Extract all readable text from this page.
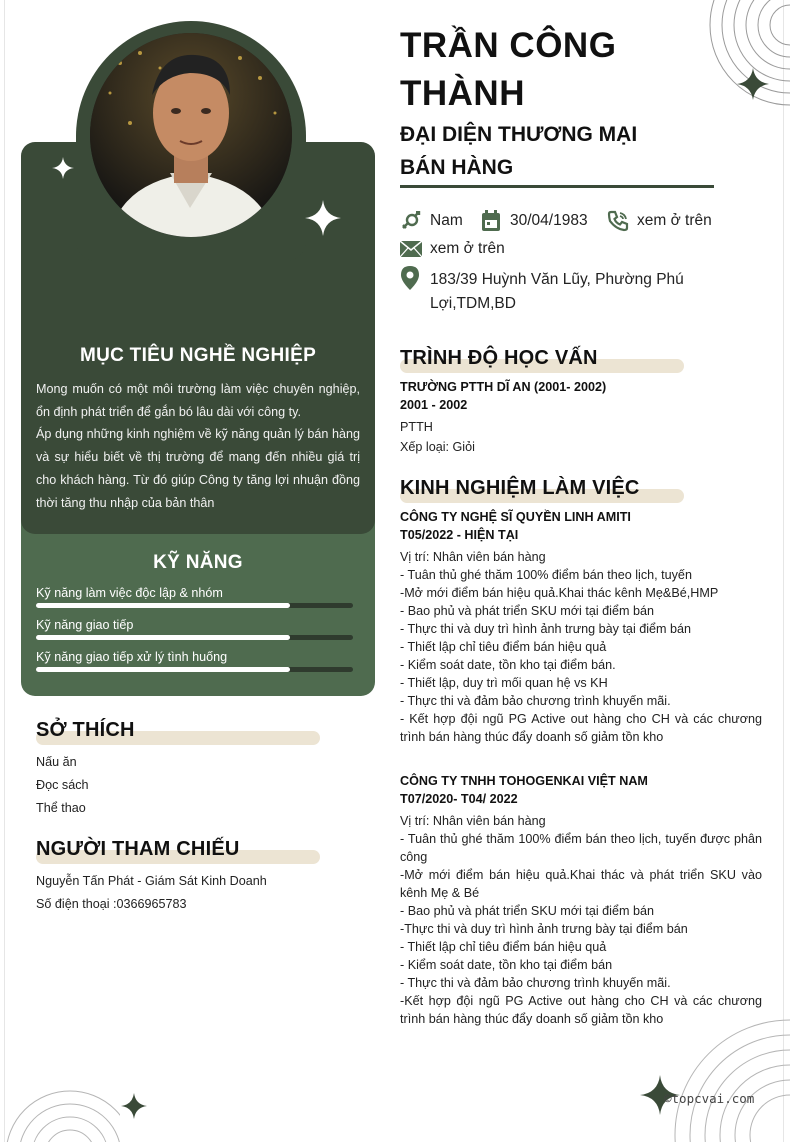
MỤC TIÊU NGHỀ NGHIỆP
Mong muốn có một môi trường làm việc chuyên nghiệp, ổn định phát triển để gắn bó lâu dài với công ty.
Áp dụng những kinh nghiệm về kỹ năng quản lý bán hàng và sự hiểu biết về thị trường để mang đến nhiều giá trị cho khách hàng. Từ đó giúp Công ty tăng lợi nhuận đồng thời tăng thu nhập của bản thân
KỸ NĂNG
Kỹ năng làm việc độc lập & nhóm
Kỹ năng giao tiếp
Kỹ năng giao tiếp xử lý tình huống
SỞ THÍCH
Nấu ăn
Đọc sách
Thể thao
NGƯỜI THAM CHIẾU
Nguyễn Tấn Phát - Giám Sát Kinh Doanh
Số điện thoại :0366965783
TRẦN CÔNG
THÀNH
ĐẠI DIỆN THƯƠNG MẠI
BÁN HÀNG
Nam	30/04/1983	xem ở trên
xem ở trên
183/39 Huỳnh Văn Lũy, Phường Phú
Lợi,TDM,BD
TRÌNH ĐỘ HỌC VẤN
TRƯỜNG PTTH DĨ AN (2001- 2002)
2001 - 2002
PTTH
Xếp loại: Giỏi
KINH NGHIỆM LÀM VIỆC
CÔNG TY NGHỆ SĨ QUYỀN LINH AMITI
T05/2022 - HIỆN TẠI
Vị trí: Nhân viên bán hàng
- Tuân thủ ghé thăm 100% điểm bán theo lịch, tuyến
-Mở mới điểm bán hiệu quả.Khai thác kênh Mẹ&Bé,HMP
- Bao phủ và phát triển SKU mới tại điểm bán
- Thực thi và duy trì hình ảnh trưng bày tại điểm bán
- Thiết lập chỉ tiêu điểm bán hiệu quả
- Kiểm soát date, tồn kho tại điểm bán.
- Thiết lập, duy trì mối quan hệ vs KH
- Thực thi và đảm bảo chương trình khuyến mãi.
- Kết hợp đội ngũ PG Active out hàng cho CH và các chương trình bán hàng thúc đẩy doanh số giảm tồn kho
CÔNG TY TNHH TOHOGENKAI VIỆT NAM
T07/2020- T04/ 2022
Vị trí: Nhân viên bán hàng
- Tuân thủ ghé thăm 100% điểm bán theo lịch, tuyến được phân công
-Mở mới điểm bán hiệu quả.Khai thác và phát triển SKU vào kênh Mẹ & Bé
- Bao phủ và phát triển SKU mới tại điểm bán
-Thực thi và duy trì hình ảnh trưng bày tại điểm bán
- Thiết lập chỉ tiêu điểm bán hiệu quả
- Kiểm soát date, tồn kho tại điểm bán
- Thực thi và đảm bảo chương trình khuyến mãi.
-Kết hợp đội ngũ PG Active out hàng cho CH và các chương trình bán hàng thúc đẩy doanh số giảm tồn kho
©topcvai.com
